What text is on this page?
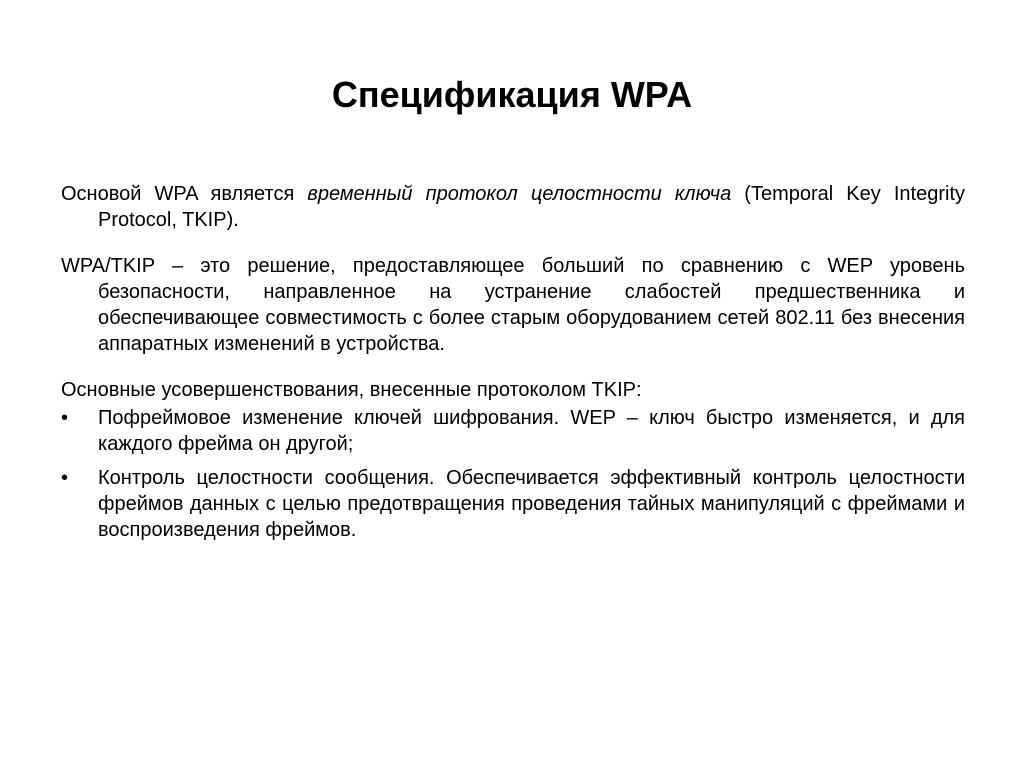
Спецификация WPA

Основой WPA является временный протокол целостности ключа (Temporal Key Integrity Protocol, TKIP).

WPA/TKIP – это решение, предоставляющее больший по сравнению с WEP уровень безопасности, направленное на устранение слабостей предшественника и обеспечивающее совместимость с более старым оборудованием сетей 802.11 без внесения аппаратных изменений в устройства.

Основные усовершенствования, внесенные протоколом TKIP:

•	Пофреймовое изменение ключей шифрования. WEP – ключ быстро изменяется, и для каждого фрейма он другой;
•	Контроль целостности сообщения. Обеспечивается эффективный контроль целостности фреймов данных с целью предотвращения проведения тайных манипуляций с фреймами и воспроизведения фреймов.
